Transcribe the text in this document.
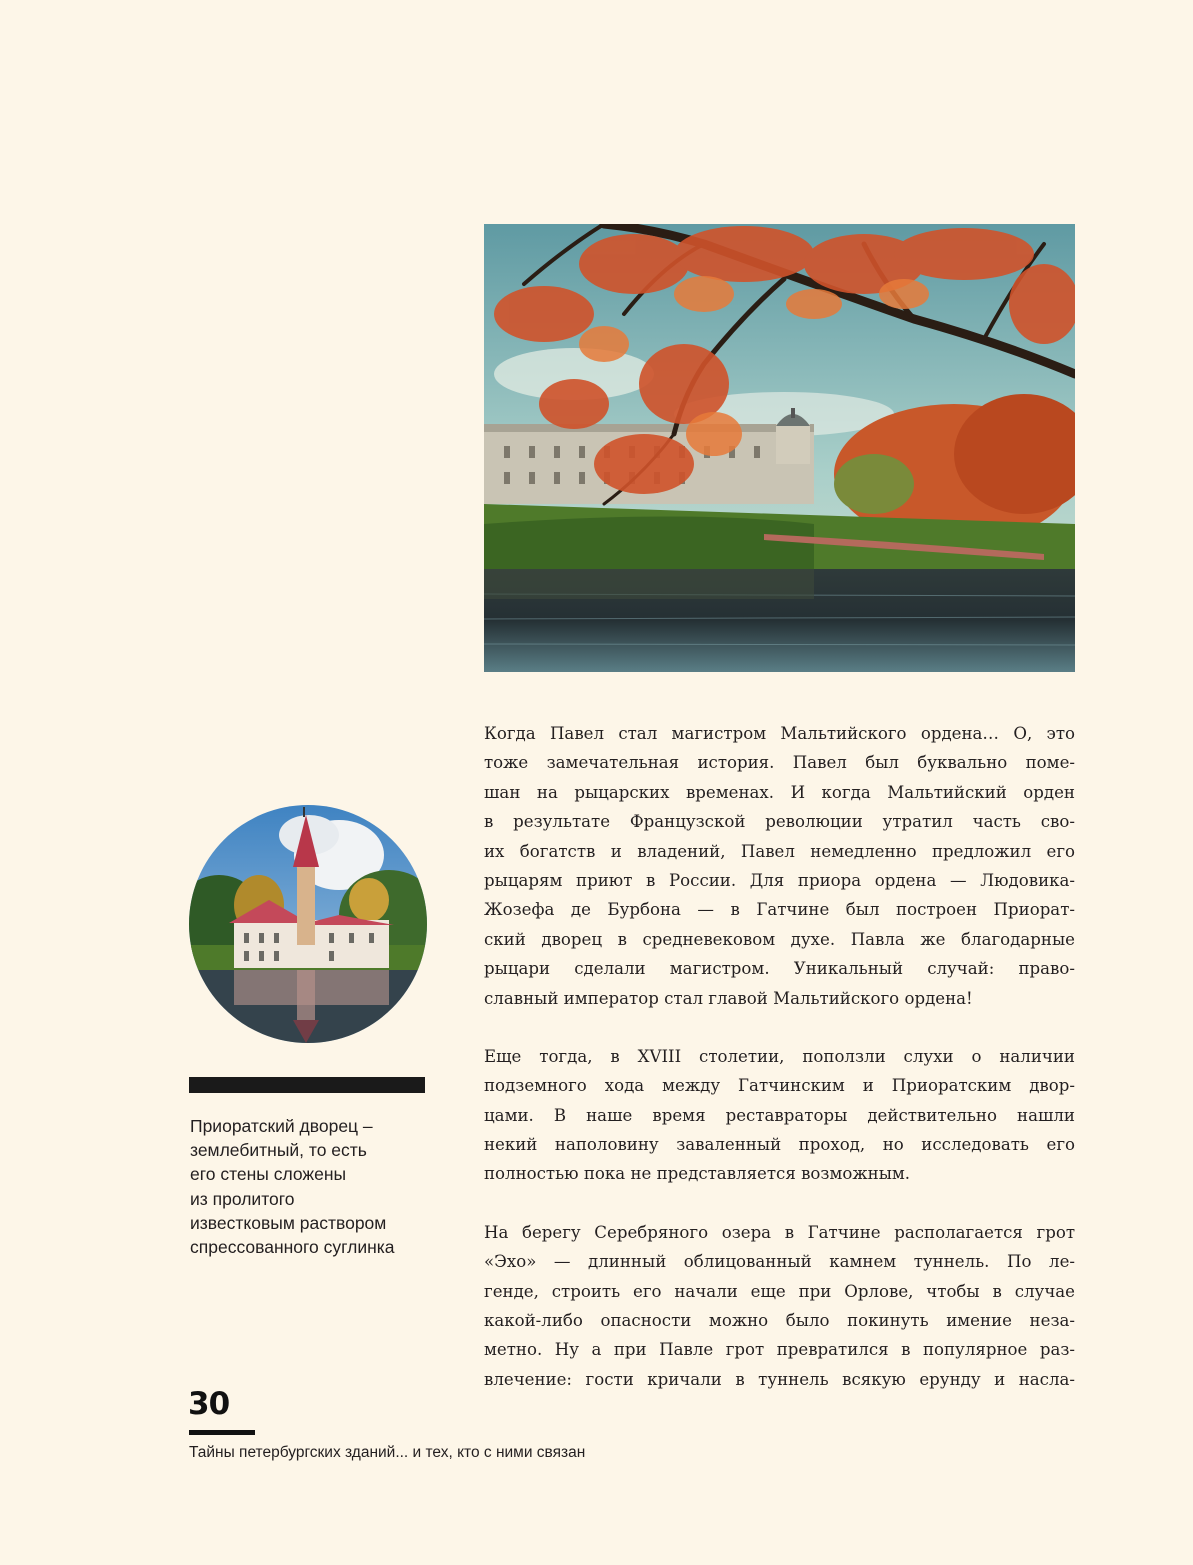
Приоратский дворец –
землебитный, то есть
его стены сложены
из пролитого
известковым раствором
спрессованного суглинка
Когда Павел стал магистром Мальтийского ордена… О, это
тоже замечательная история. Павел был буквально поме-
шан на рыцарских временах. И когда Мальтийский орден
в результате Французской революции утратил часть сво-
их богатств и владений, Павел немедленно предложил его
рыцарям приют в России. Для приора ордена — Людовика-
Жозефа де Бурбона — в Гатчине был построен Приорат-
ский дворец в средневековом духе. Павла же благодарные
рыцари сделали магистром. Уникальный случай: право-
славный император стал главой Мальтийского ордена!
Еще тогда, в XVIII столетии, поползли слухи о наличии
подземного хода между Гатчинским и Приоратским двор-
цами. В наше время реставраторы действительно нашли
некий наполовину заваленный проход, но исследовать его
полностью пока не представляется возможным.
На берегу Серебряного озера в Гатчине располагается грот
«Эхо» — длинный облицованный камнем туннель. По ле-
генде, строить его начали еще при Орлове, чтобы в случае
какой-либо опасности можно было покинуть имение неза-
метно. Ну а при Павле грот превратился в популярное раз-
влечение: гости кричали в туннель всякую ерунду и насла-
30
Тайны петербургских зданий... и тех, кто с ними связан
